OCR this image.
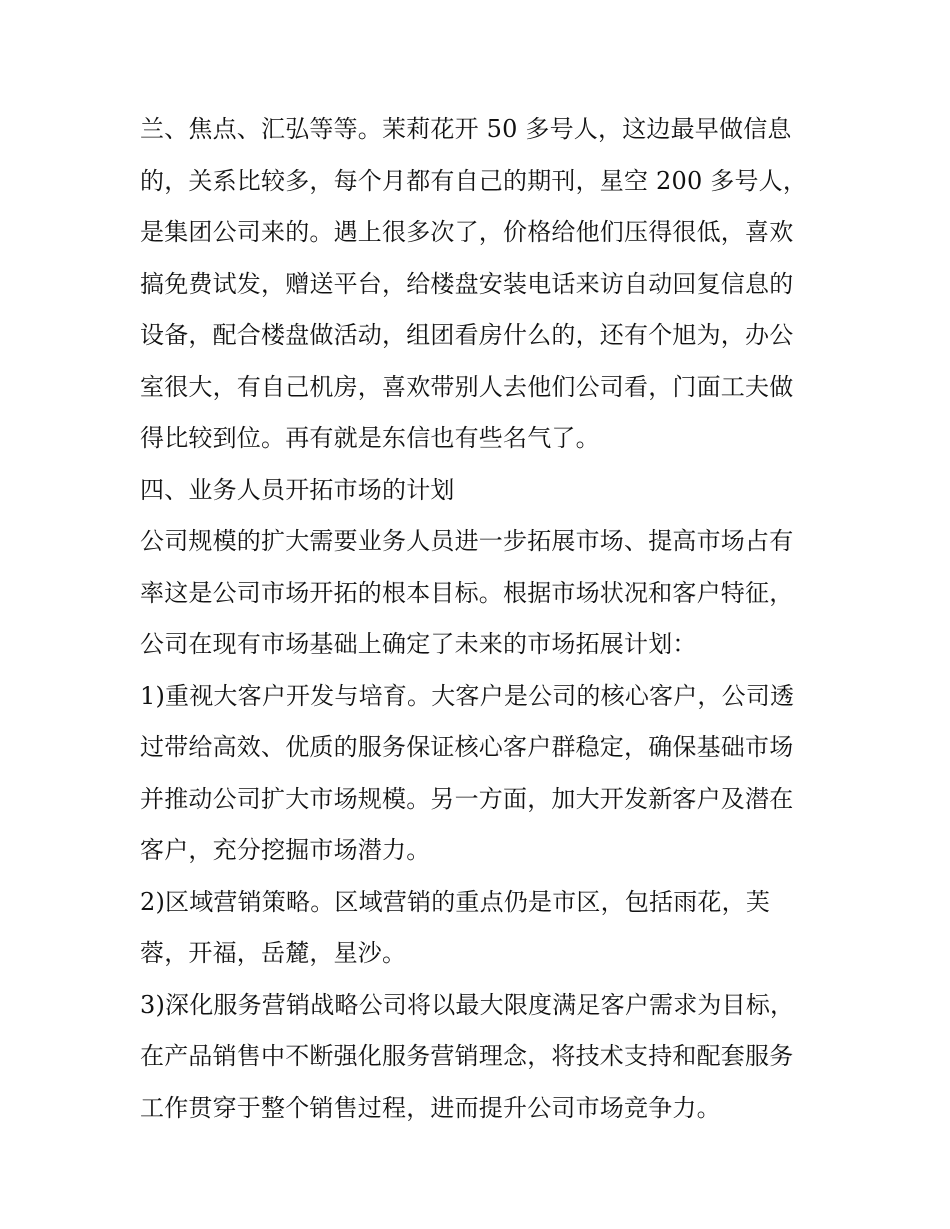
兰、焦点、汇弘等等。茉莉花开 50 多号人，这边最早做信息
的，关系比较多，每个月都有自己的期刊，星空 200 多号人，
是集团公司来的。遇上很多次了，价格给他们压得很低，喜欢
搞免费试发，赠送平台，给楼盘安装电话来访自动回复信息的
设备，配合楼盘做活动，组团看房什么的，还有个旭为，办公
室很大，有自己机房，喜欢带别人去他们公司看，门面工夫做
得比较到位。再有就是东信也有些名气了。

四、业务人员开拓市场的计划

公司规模的扩大需要业务人员进一步拓展市场、提高市场占有
率这是公司市场开拓的根本目标。根据市场状况和客户特征，
公司在现有市场基础上确定了未来的市场拓展计划：

1)重视大客户开发与培育。大客户是公司的核心客户，公司透
过带给高效、优质的服务保证核心客户群稳定，确保基础市场
并推动公司扩大市场规模。另一方面，加大开发新客户及潜在
客户，充分挖掘市场潜力。

2)区域营销策略。区域营销的重点仍是市区，包括雨花，芙
蓉，开福，岳麓，星沙。

3)深化服务营销战略公司将以最大限度满足客户需求为目标，
在产品销售中不断强化服务营销理念，将技术支持和配套服务
工作贯穿于整个销售过程，进而提升公司市场竞争力。
